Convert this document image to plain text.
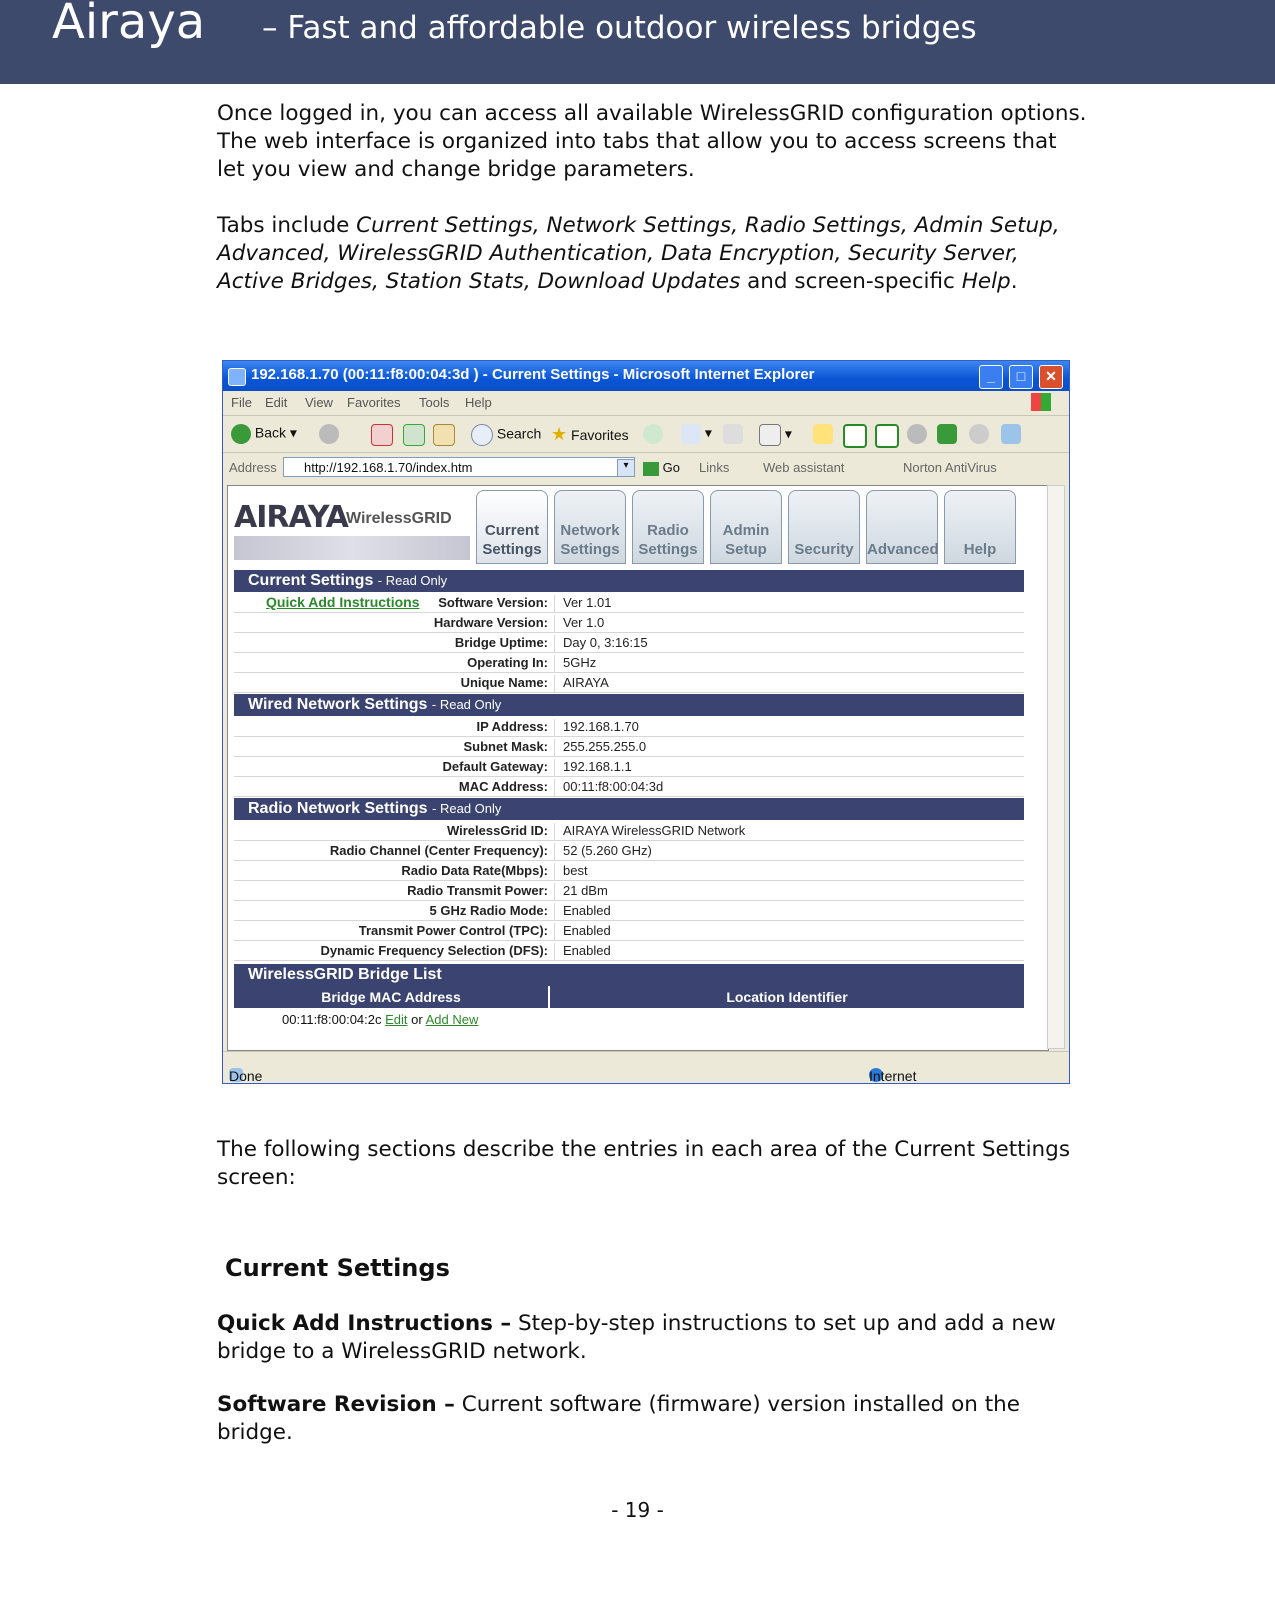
Airaya – Fast and affordable outdoor wireless bridges

Once logged in, you can access all available WirelessGRID configuration options. The web interface is organized into tabs that allow you to access screens that let you view and change bridge parameters.

Tabs include Current Settings, Network Settings, Radio Settings, Admin Setup, Advanced, WirelessGRID Authentication, Data Encryption, Security Server, Active Bridges, Station Stats, Download Updates and screen-specific Help.

192.168.1.70 (00:11:f8:00:04:3d ) - Current Settings - Microsoft Internet Explorer	_	□	✕
File Edit View Favorites Tools Help
Back ▾	Search ★ Favorites	▾	▾
Address	http://192.168.1.70/index.htm	▾	Go Links	Web assistant	Norton AntiVirus
AIRAYA
WirelessGRID
Current
Settings
Network
Settings
Radio
Settings
Admin
Setup	Security Advanced	Help
Current Settings - Read Only
Quick Add Instructions	Software Version:	Ver 1.01
Hardware Version:	Ver 1.0
Bridge Uptime:	Day 0, 3:16:15
Operating In:	5GHz
Unique Name:	AIRAYA
Wired Network Settings - Read Only
IP Address:	192.168.1.70
Subnet Mask:	255.255.255.0
Default Gateway:	192.168.1.1
MAC Address:	00:11:f8:00:04:3d
Radio Network Settings - Read Only
WirelessGrid ID:	AIRAYA WirelessGRID Network
Radio Channel (Center Frequency):	52 (5.260 GHz)
Radio Data Rate(Mbps):	best
Radio Transmit Power:	21 dBm
5 GHz Radio Mode:	Enabled
Transmit Power Control (TPC):	Enabled
Dynamic Frequency Selection (DFS):	Enabled
WirelessGRID Bridge List
Bridge MAC Address	Location Identifier
00:11:f8:00:04:2c Edit or Add New
Done	Internet

The following sections describe the entries in each area of the Current Settings screen:

Current Settings

Quick Add Instructions – Step-by-step instructions to set up and add a new bridge to a WirelessGRID network.

Software Revision – Current software (firmware) version installed on the bridge.

- 19 -
